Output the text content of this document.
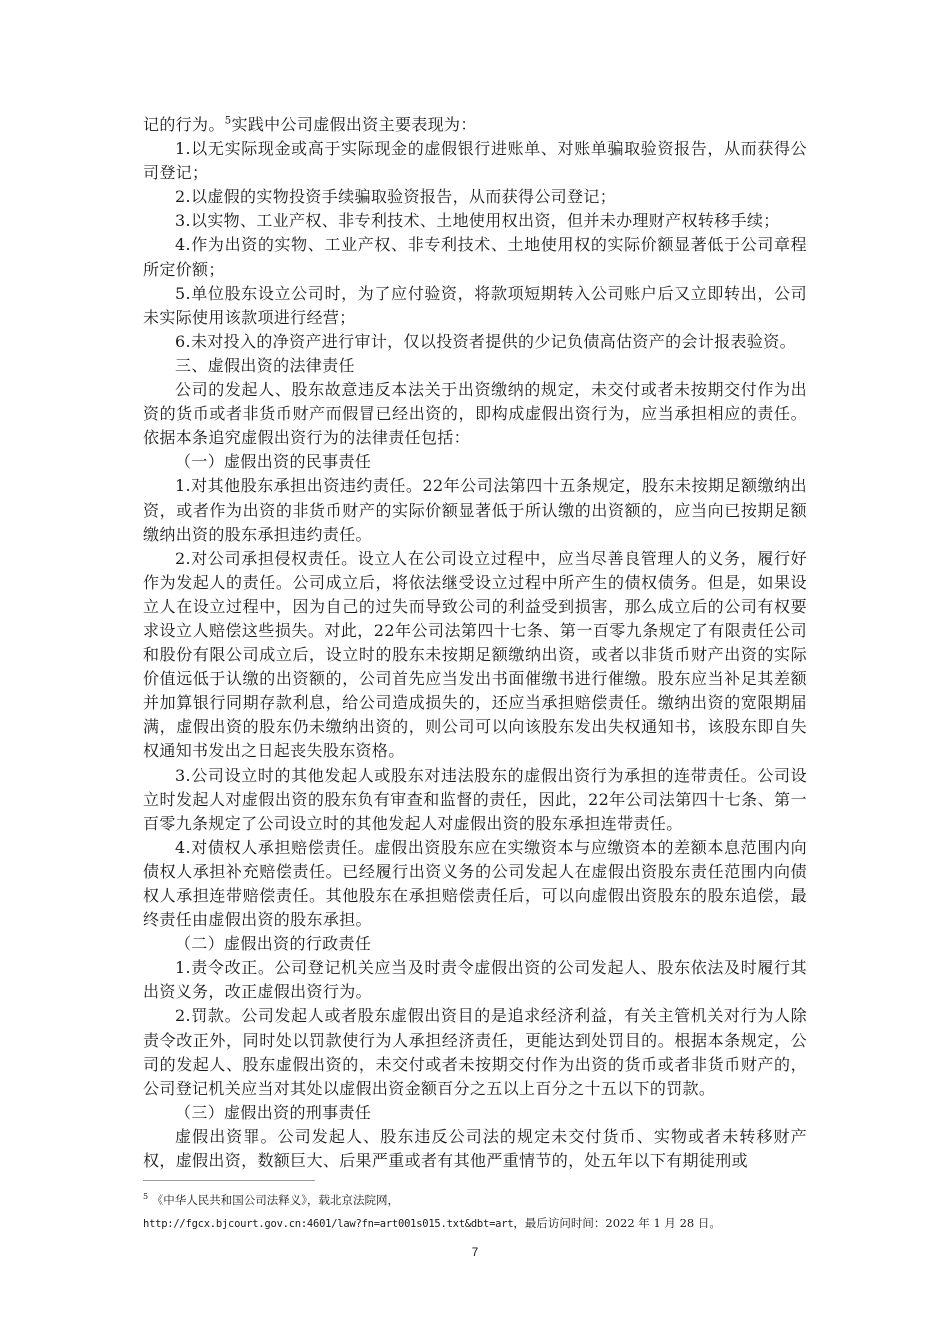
记的行为。$^5$实践中公司虚假出资主要表现为：

1.以无实际现金或高于实际现金的虚假银行进账单、对账单骗取验资报告，从而获得公司登记；

2.以虚假的实物投资手续骗取验资报告，从而获得公司登记；

3.以实物、工业产权、非专利技术、土地使用权出资，但并未办理财产权转移手续；

4.作为出资的实物、工业产权、非专利技术、土地使用权的实际价额显著低于公司章程所定价额；

5.单位股东设立公司时，为了应付验资，将款项短期转入公司账户后又立即转出，公司未实际使用该款项进行经营；

6.未对投入的净资产进行审计，仅以投资者提供的少记负债高估资产的会计报表验资。

三、虚假出资的法律责任

公司的发起人、股东故意违反本法关于出资缴纳的规定，未交付或者未按期交付作为出资的货币或者非货币财产而假冒已经出资的，即构成虚假出资行为，应当承担相应的责任。依据本条追究虚假出资行为的法律责任包括：

（一）虚假出资的民事责任

1.对其他股东承担出资违约责任。22年公司法第四十五条规定，股东未按期足额缴纳出资，或者作为出资的非货币财产的实际价额显著低于所认缴的出资额的，应当向已按期足额缴纳出资的股东承担违约责任。

2.对公司承担侵权责任。设立人在公司设立过程中，应当尽善良管理人的义务，履行好作为发起人的责任。公司成立后，将依法继受设立过程中所产生的债权债务。但是，如果设立人在设立过程中，因为自己的过失而导致公司的利益受到损害，那么成立后的公司有权要求设立人赔偿这些损失。对此，22年公司法第四十七条、第一百零九条规定了有限责任公司和股份有限公司成立后，设立时的股东未按期足额缴纳出资，或者以非货币财产出资的实际价值远低于认缴的出资额的，公司首先应当发出书面催缴书进行催缴。股东应当补足其差额并加算银行同期存款利息，给公司造成损失的，还应当承担赔偿责任。缴纳出资的宽限期届满，虚假出资的股东仍未缴纳出资的，则公司可以向该股东发出失权通知书，该股东即自失权通知书发出之日起丧失股东资格。

3.公司设立时的其他发起人或股东对违法股东的虚假出资行为承担的连带责任。公司设立时发起人对虚假出资的股东负有审查和监督的责任，因此，22年公司法第四十七条、第一百零九条规定了公司设立时的其他发起人对虚假出资的股东承担连带责任。

4.对债权人承担赔偿责任。虚假出资股东应在实缴资本与应缴资本的差额本息范围内向债权人承担补充赔偿责任。已经履行出资义务的公司发起人在虚假出资股东责任范围内向债权人承担连带赔偿责任。其他股东在承担赔偿责任后，可以向虚假出资股东的股东追偿，最终责任由虚假出资的股东承担。

（二）虚假出资的行政责任

1.责令改正。公司登记机关应当及时责令虚假出资的公司发起人、股东依法及时履行其出资义务，改正虚假出资行为。

2.罚款。公司发起人或者股东虚假出资目的是追求经济利益，有关主管机关对行为人除责令改正外，同时处以罚款使行为人承担经济责任，更能达到处罚目的。根据本条规定，公司的发起人、股东虚假出资的，未交付或者未按期交付作为出资的货币或者非货币财产的，公司登记机关应当对其处以虚假出资金额百分之五以上百分之十五以下的罚款。

（三）虚假出资的刑事责任

虚假出资罪。公司发起人、股东违反公司法的规定未交付货币、实物或者未转移财产权，虚假出资，数额巨大、后果严重或者有其他严重情节的，处五年以下有期徒刑或

$^5$ 《中华人民共和国公司法释义》，载北京法院网，
http://fgcx.bjcourt.gov.cn:4601/law?fn=art001s015.txt&dbt=art，最后访问时间：2022 年 1 月 28 日。
7
